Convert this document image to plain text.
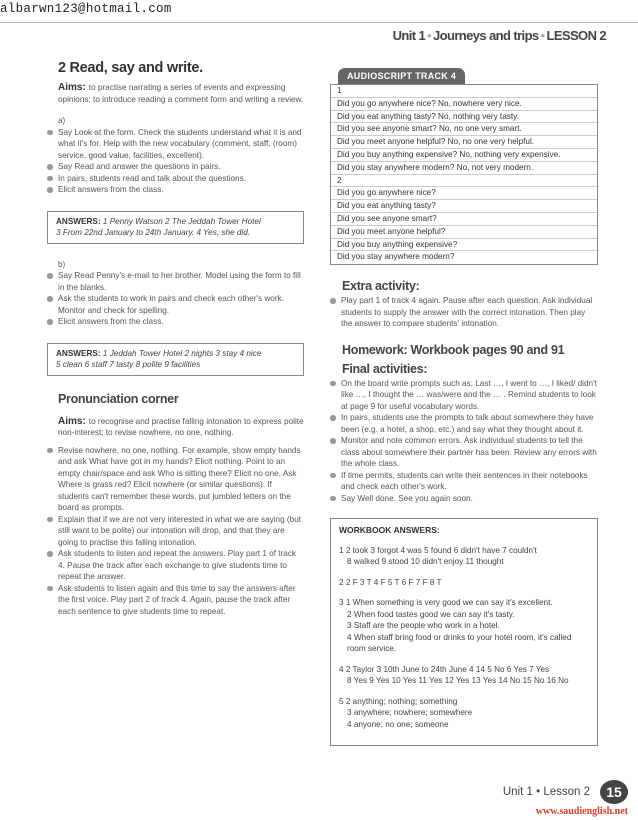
albarwn123@hotmail.com
Unit 1 • Journeys and trips • LESSON 2
2 Read, say and write.
Aims: to practise narrating a series of events and expressing opinions; to introduce reading a comment form and writing a review.
a)
Say Look at the form. Check the students understand what it is and what it's for. Help with the new vocabulary (comment, staff, (room) service, good value, facilities, excellent).
Say Read and answer the questions in pairs.
In pairs, students read and talk about the questions.
Elicit answers from the class.
ANSWERS: 1 Penny Watson 2 The Jeddah Tower Hotel
3 From 22nd January to 24th January. 4 Yes, she did.
b)
Say Read Penny's e-mail to her brother. Model using the form to fill in the blanks.
Ask the students to work in pairs and check each other's work. Monitor and check for spelling.
Elicit answers from the class.
ANSWERS: 1 Jeddah Tower Hotel 2 nights 3 stay 4 nice
5 clean 6 staff 7 tasty 8 polite 9 facilities
Pronunciation corner
Aims: to recognise and practise falling intonation to express polite non-interest; to revise nowhere, no one, nothing.
Revise nowhere, no one, nothing. For example, show empty hands and ask What have got in my hands? Elicit nothing. Point to an empty chair/space and ask Who is sitting there? Elicit no one. Ask Where is grass red? Elicit nowhere (or similar questions). If students can't remember these words, put jumbled letters on the board as prompts.
Explain that if we are not very interested in what we are saying (but still want to be polite) our intonation will drop, and that they are going to practise this falling intonation.
Ask students to listen and repeat the answers. Play part 1 of track 4. Pause the track after each exchange to give students time to repeat the answer.
Ask students to listen again and this time to say the answers after the first voice. Play part 2 of track 4. Again, pause the track after each sentence to give students time to repeat.
AUDIOSCRIPT TRACK 4
1
Did you go anywhere nice? No, nowhere very nice.
Did you eat anything tasty? No, nothing very tasty.
Did you see anyone smart? No, no one very smart.
Did you meet anyone helpful? No, no one very helpful.
Did you buy anything expensive? No, nothing very expensive.
Did you stay anywhere modern? No, not very modern.
2
Did you go anywhere nice?
Did you eat anything tasty?
Did you see anyone smart?
Did you meet anyone helpful?
Did you buy anything expensive?
Did you stay anywhere modern?
Extra activity:
Play part 1 of track 4 again. Pause after each question. Ask individual students to supply the answer with the correct intonation. Then play the answer to compare students' intonation.
Homework: Workbook pages 90 and 91
Final activities:
On the board write prompts such as: Last …, I went to …, I liked/ didn't like …, I thought the … was/were and the … . Remind students to look at page 9 for useful vocabulary words.
In pairs, students use the prompts to talk about somewhere they have been (e.g. a hotel, a shop, etc.) and say what they thought about it.
Monitor and note common errors. Ask individual students to tell the class about somewhere their partner has been. Review any errors with the whole class.
If time permits, students can write their sentences in their notebooks and check each other's work.
Say Well done. See you again soon.
WORKBOOK ANSWERS:
1 2 took 3 forgot 4 was 5 found 6 didn't have 7 couldn't
8 walked 9 stood 10 didn't enjoy 11 thought
2 2 F 3 T 4 F 5 T 6 F 7 F 8 T
3 1 When something is very good we can say it's excellent.
2 When food tastes good we can say it's tasty.
3 Staff are the people who work in a hotel.
4 When staff bring food or drinks to your hotel room, it's called
room service.
4 2 Taylor 3 10th June to 24th June 4 14 5 No 6 Yes 7 Yes
8 Yes 9 Yes 10 Yes 11 Yes 12 Yes 13 Yes 14 No 15 No 16 No
5 2 anything; nothing; something
3 anywhere; nowhere; somewhere
4 anyone; no one; someone
Unit 1 • Lesson 2	15
www.saudienglish.net
